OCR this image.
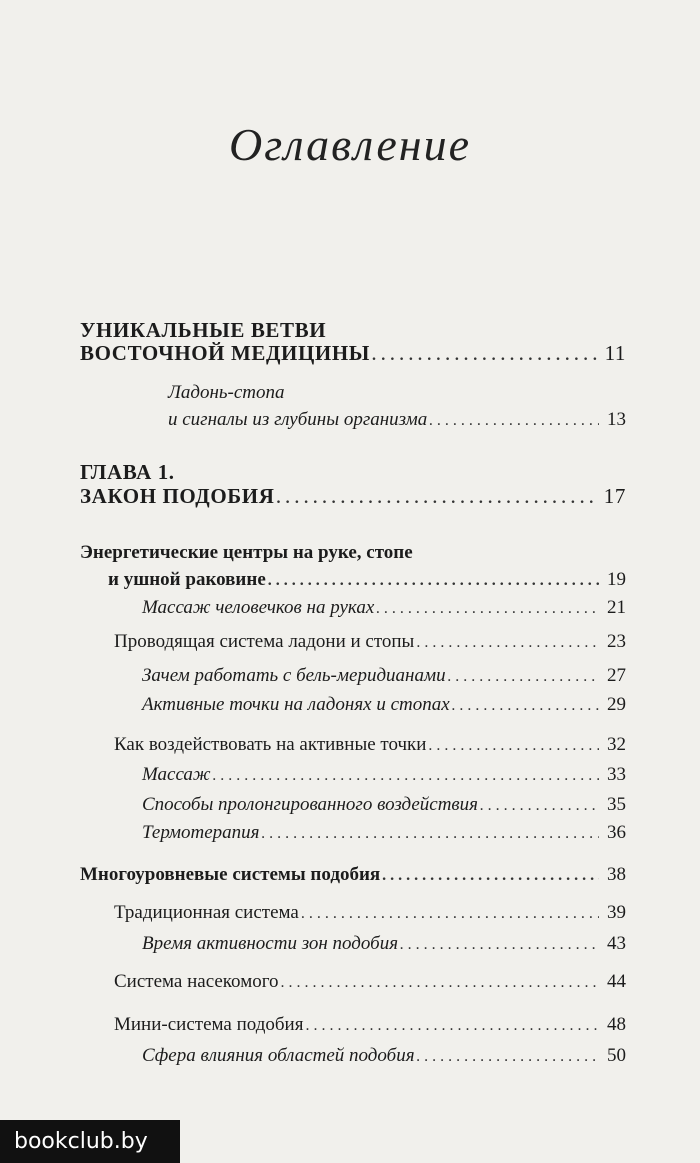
Оглавление
УНИКАЛЬНЫЕ ВЕТВИ
ВОСТОЧНОЙ МЕДИЦИНЫ . . .	11
Ладонь-стопа
и сигналы из глубины организма . . .	13
ГЛАВА 1.
ЗАКОН ПОДОБИЯ . . .	17
Энергетические центры на руке, стопе
и ушной раковине . . .	19
Массаж человечков на руках . . .	21
Проводящая система ладони и стопы . . .	23
Зачем работать с бель-меридианами . . .	27
Активные точки на ладонях и стопах . . .	29
Как воздействовать на активные точки . . .	32
Массаж . . .	33
Способы пролонгированного воздействия . . .	35
Термотерапия . . .	36
Многоуровневые системы подобия . . .	38
Традиционная система . . .	39
Время активности зон подобия . . .	43
Система насекомого . . .	44
Мини-система подобия . . .	48
Сфера влияния областей подобия . . .	50
bookclub.by
